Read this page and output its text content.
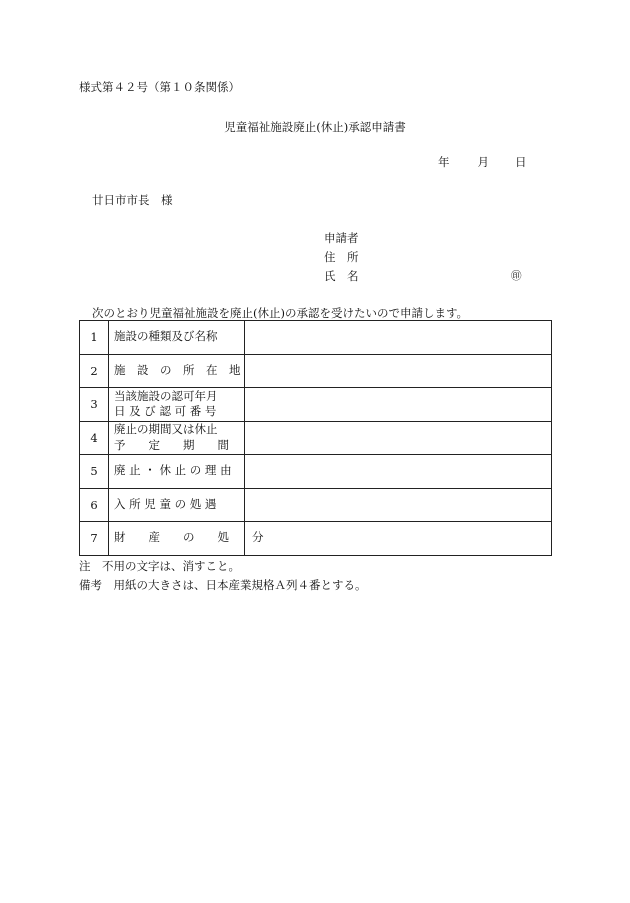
様式第４２号（第１０条関係）
児童福祉施設廃止(休止)承認申請書
年 月 日
廿日市市長　様
申請者
住　所
氏　名	㊞
次のとおり児童福祉施設を廃止(休止)の承認を受けたいので申請します。
1	施設の種類及び名称	

2	施　設　の　所　在　地	

3	当該施設の認可年月
日 及 び 認 可 番 号	

4	廃止の期間又は休止
予　　定　　期　　間	

5	廃 止 ・ 休 止 の 理 由	

6	入 所 児 童 の 処 遇	

7	財　　産　　の　　処　　分	

注　不用の文字は、消すこと。
備考　用紙の大きさは、日本産業規格Ａ列４番とする。
